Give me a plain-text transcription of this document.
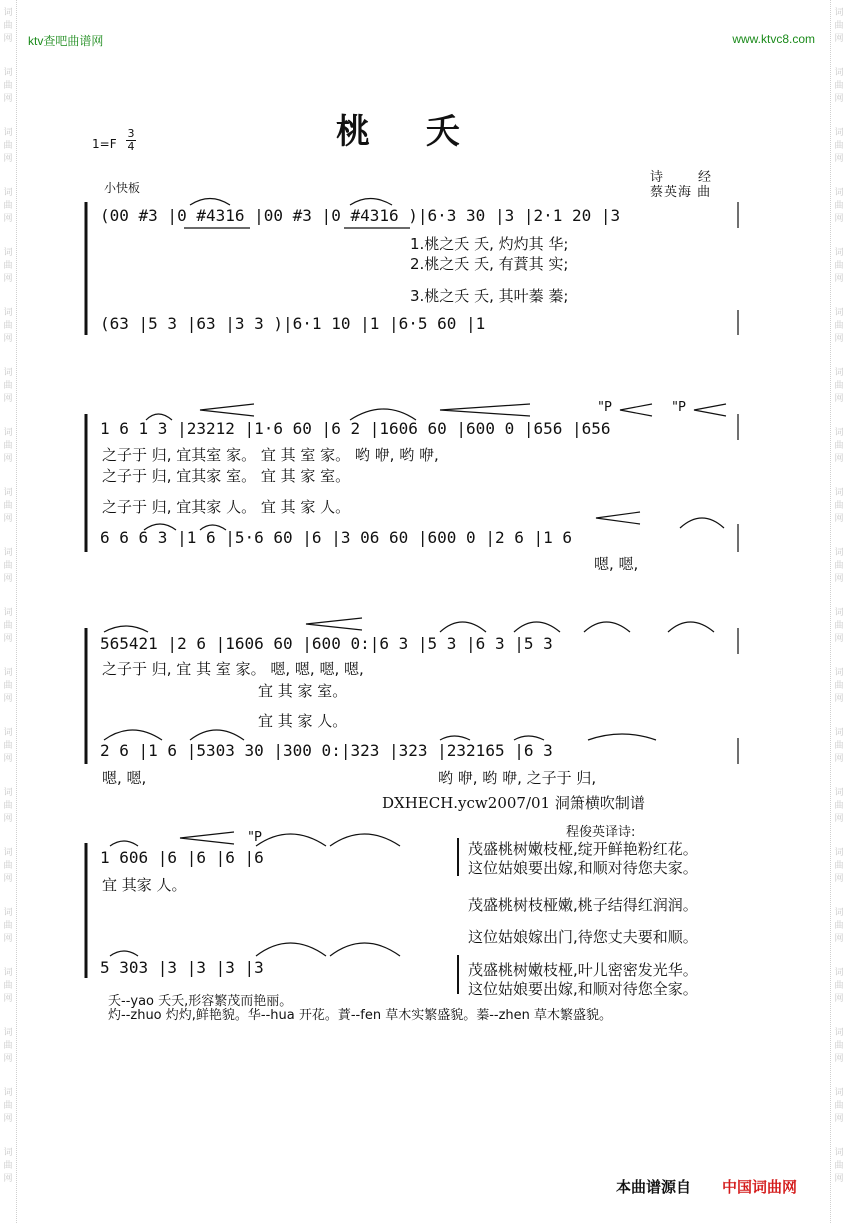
词
曲
网
词
曲
网
词
曲
网
词
曲
网
词
曲
网
词
曲
网
词
曲
网
词
曲
网
词
曲
网
词
曲
网
词
曲
网
词
曲
网
词
曲
网
词
曲
网
词
曲
网
词
曲
网
词
曲
网
词
曲
网
词
曲
网
词
曲
网
词
曲
网
词
曲
网
词
曲
网
词
曲
网
词
曲
网
词
曲
网
词
曲
网
词
曲
网
词
曲
网
词
曲
网
词
曲
网
词
曲
网
词
曲
网
词
曲
网
词
曲
网
词
曲
网
词
曲
网
词
曲
网
词
曲
网
词
曲
网
ktv查吧曲谱网	www.ktvc8.com
桃 夭
$1=F \frac{3}{4}$
诗　　经
蔡英海 曲
小快板
(00 #3 |0 #4316 |00 #3 |0 #4316 )|6·3 30 |3 |2·1 20 |3
1.桃之夭 夭, 灼灼其 华;
2.桃之夭 夭, 有蕡其 实;
3.桃之夭 夭, 其叶蓁 蓁;
(63 |5 3 |63 |3 3 )|6·1 10 |1 |6·5 60 |1
1 6 1 3 |23212 |1·6 60 |6 2 |1606 60 |600 0 |656 |656
"P	"P
之子于 归, 宜其室 家。 宜 其 室 家。 哟 咿, 哟 咿,
之子于 归, 宜其家 室。 宜 其 家 室。
之子于 归, 宜其家 人。 宜 其 家 人。
6 6 6 3 |1 6 |5·6 60 |6 |3 06 60 |600 0 |2 6 |1 6
嗯, 嗯,
565421 |2 6 |1606 60 |600 0:|6 3 |5 3 |6 3 |5 3
之子于 归, 宜 其 室 家。 嗯, 嗯, 嗯, 嗯,
宜 其 家 室。
宜 其 家 人。
2 6 |1 6 |5303 30 |300 0:|323 |323 |232165 |6 3
嗯, 嗯,	哟 咿, 哟 咿, 之子于 归,
DXHECH.ycw2007/01 洞箫横吹制谱
1 606 |6 |6 |6 |6
"P
宜 其家 人。
5 303 |3 |3 |3 |3
程俊英译诗:
茂盛桃树嫩枝桠,绽开鲜艳粉红花。
这位姑娘要出嫁,和顺对待您夫家。
茂盛桃树枝桠嫩,桃子结得红润润。
这位姑娘嫁出门,待您丈夫要和顺。
茂盛桃树嫩枝桠,叶儿密密发光华。
这位姑娘要出嫁,和顺对待您全家。
夭--yao 夭夭,形容繁茂而艳丽。
灼--zhuo 灼灼,鲜艳貌。华--hua 开花。蕡--fen 草木实繁盛貌。蓁--zhen 草木繁盛貌。
本曲谱源自 中国词曲网
